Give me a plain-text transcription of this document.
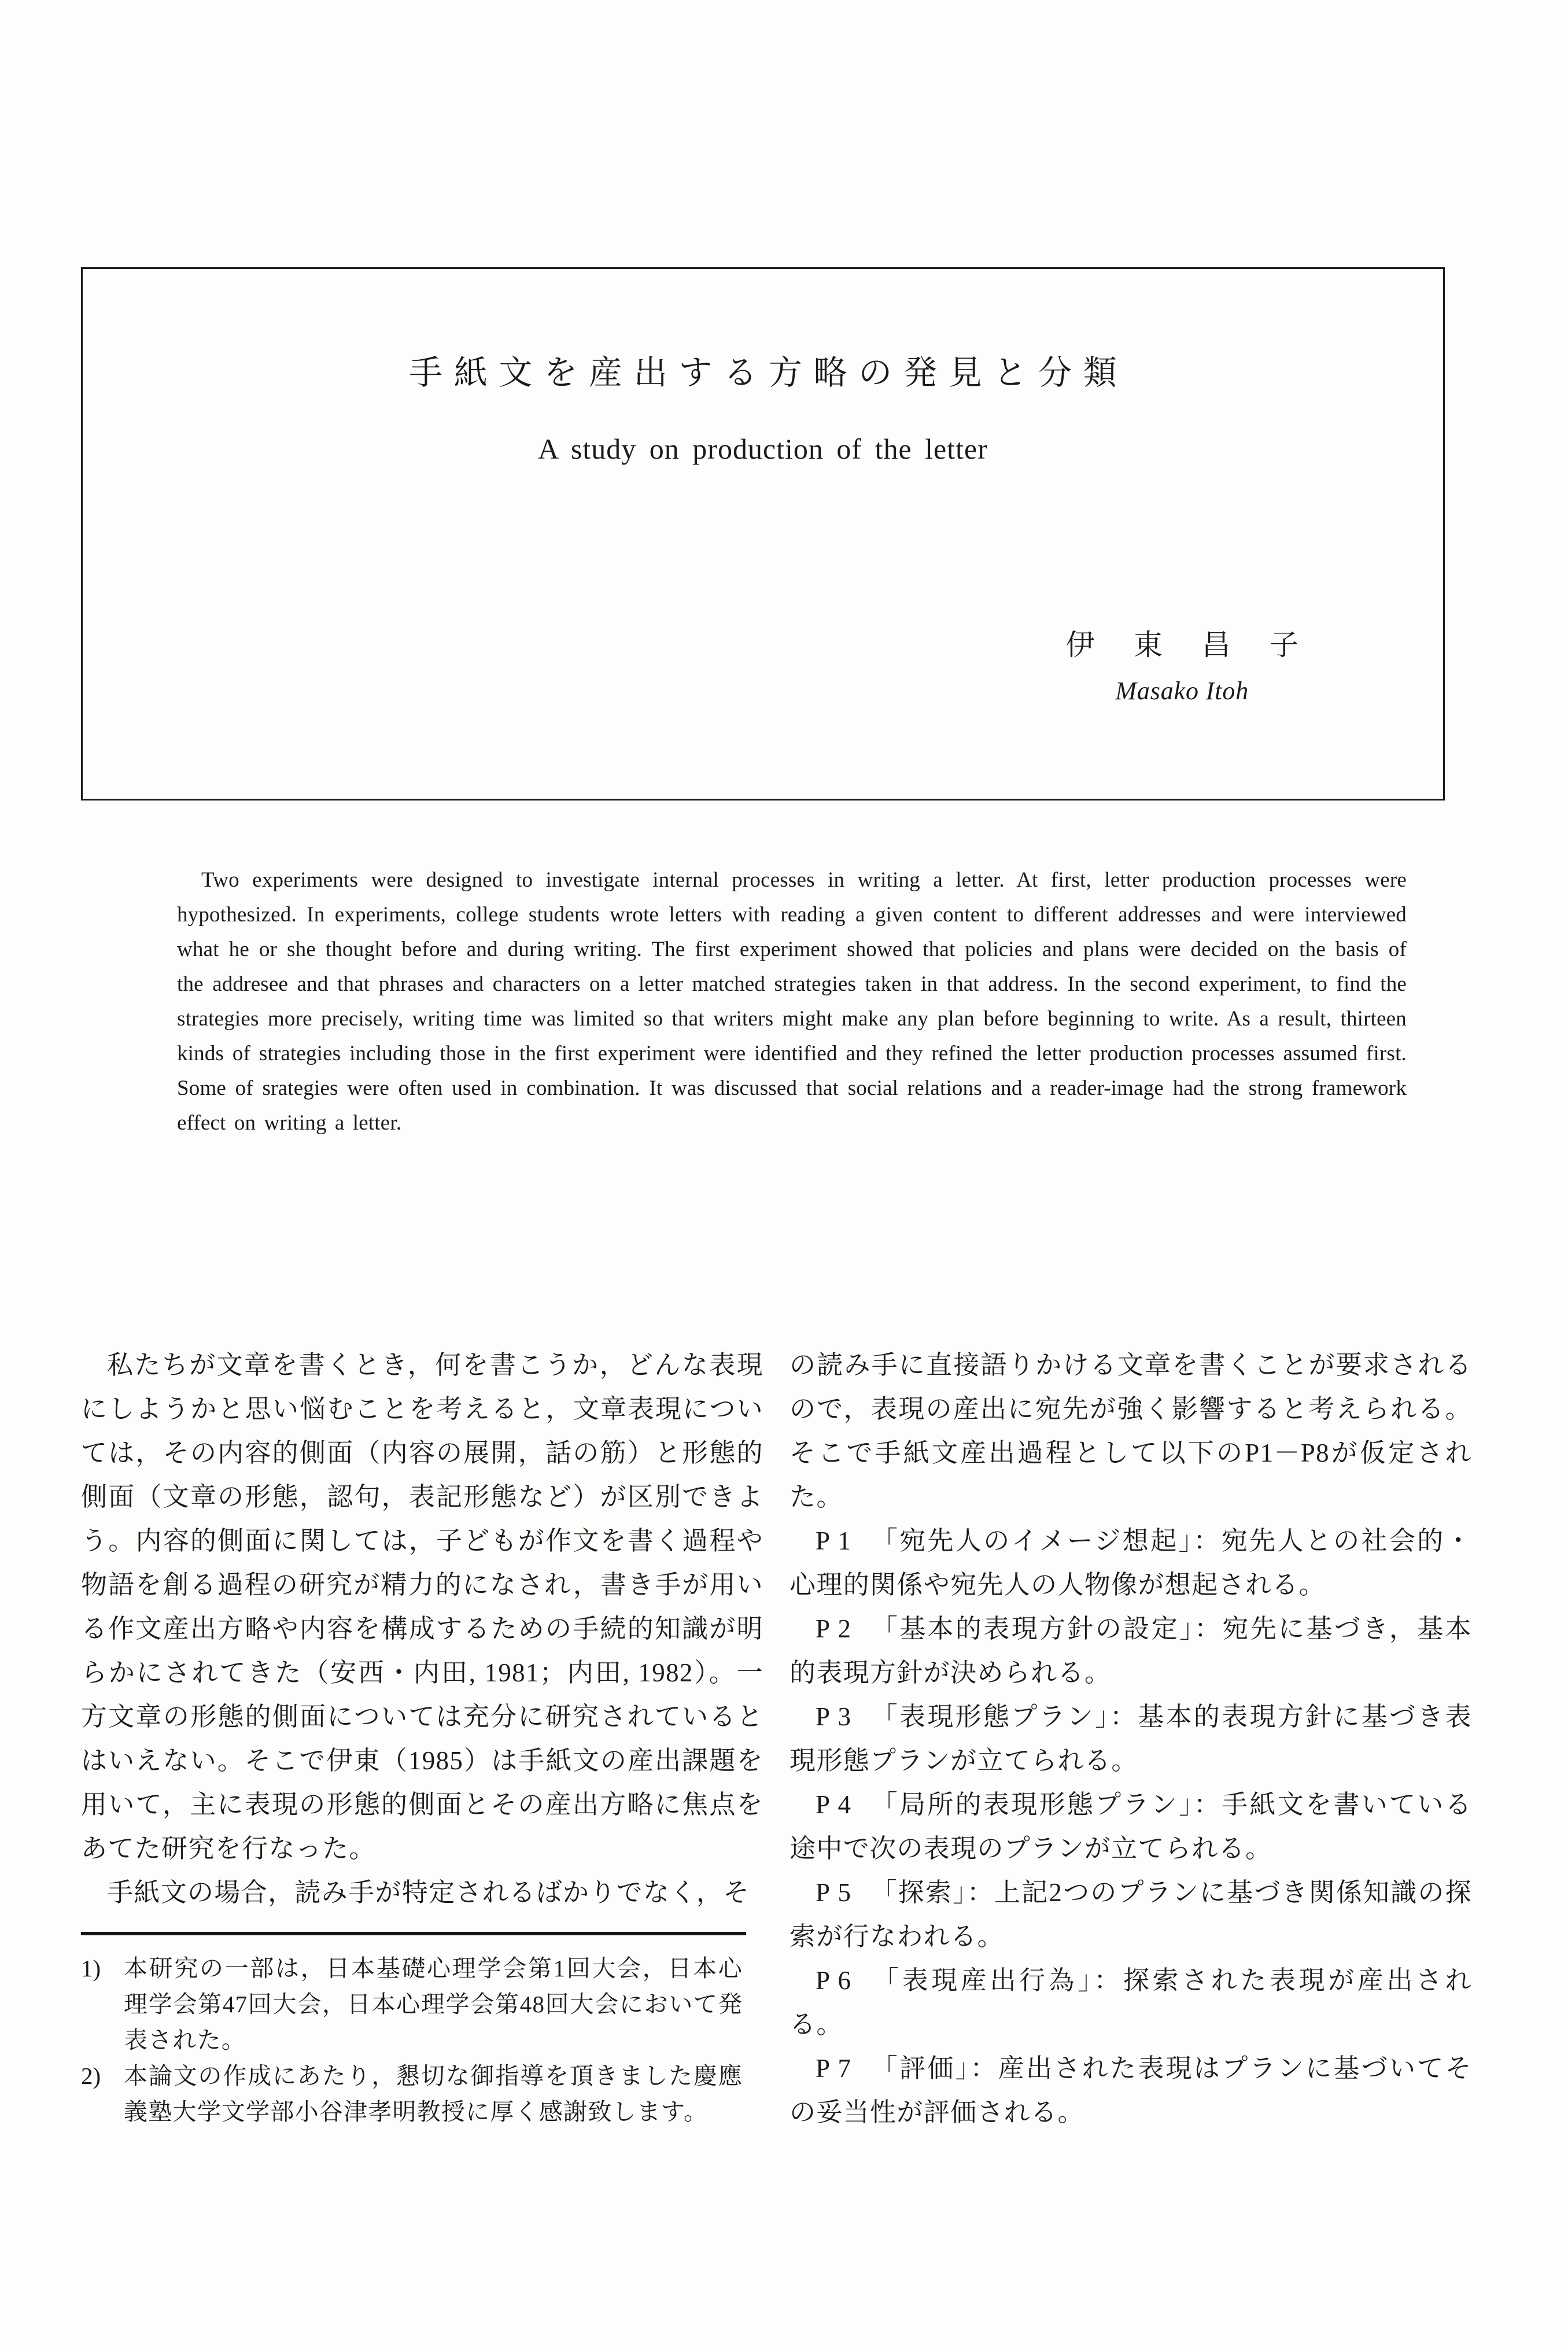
手紙文を産出する方略の発見と分類
A study on production of the letter
伊 東 昌 子
Masako Itoh

Two experiments were designed to investigate internal processes in writing a letter. At first, letter production processes were hypothesized. In experiments, college students wrote letters with reading a given content to different addresses and were interviewed what he or she thought before and during writing. The first experiment showed that policies and plans were decided on the basis of the addresee and that phrases and characters on a letter matched strategies taken in that address. In the second experiment, to find the strategies more precisely, writing time was limited so that writers might make any plan before beginning to write. As a result, thirteen kinds of strategies including those in the first experiment were identified and they refined the letter production processes assumed first. Some of srategies were often used in combination. It was discussed that social relations and a reader-image had the strong framework effect on writing a letter.

私たちが文章を書くとき，何を書こうか，どんな表現にしようかと思い悩むことを考えると，文章表現については，その内容的側面（内容の展開，話の筋）と形態的側面（文章の形態，認句，表記形態など）が区別できよう。内容的側面に関しては，子どもが作文を書く過程や物語を創る過程の研究が精力的になされ，書き手が用いる作文産出方略や内容を構成するための手続的知識が明らかにされてきた（安西・内田, 1981；内田, 1982）。一方文章の形態的側面については充分に研究されているとはいえない。そこで伊東（1985）は手紙文の産出課題を用いて，主に表現の形態的側面とその産出方略に焦点をあてた研究を行なった。

手紙文の場合，読み手が特定されるばかりでなく，そ

1) 本研究の一部は，日本基礎心理学会第1回大会，日本心理学会第47回大会，日本心理学会第48回大会において発表された。
2) 本論文の作成にあたり，懇切な御指導を頂きました慶應義塾大学文学部小谷津孝明教授に厚く感謝致します。

の読み手に直接語りかける文章を書くことが要求されるので，表現の産出に宛先が強く影響すると考えられる。そこで手紙文産出過程として以下のP1－P8が仮定された。

P1 「宛先人のイメージ想起」：宛先人との社会的・心理的関係や宛先人の人物像が想起される。

P2 「基本的表現方針の設定」：宛先に基づき，基本的表現方針が決められる。

P3 「表現形態プラン」：基本的表現方針に基づき表現形態プランが立てられる。

P4 「局所的表現形態プラン」：手紙文を書いている途中で次の表現のプランが立てられる。

P5 「探索」：上記2つのプランに基づき関係知識の探索が行なわれる。

P6 「表現産出行為」：探索された表現が産出される。

P7 「評価」：産出された表現はプランに基づいてその妥当性が評価される。
